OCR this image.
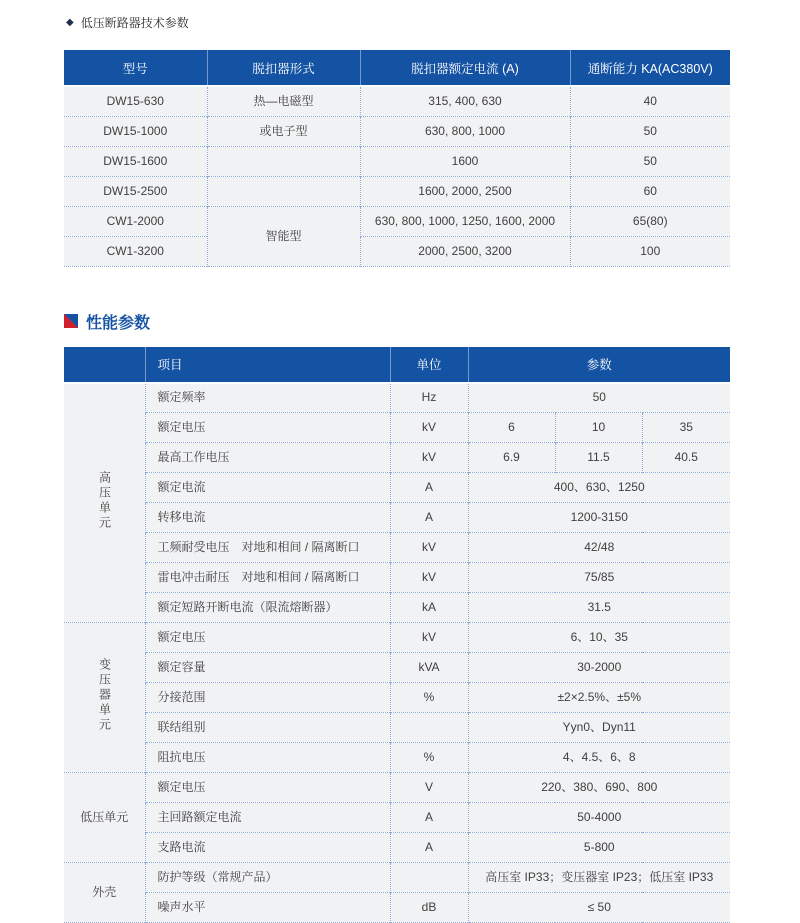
◆ 低压断路器技术参数
型号	脱扣器形式	脱扣器额定电流 (A)	通断能力 KA(AC380V)
DW15-630	热—电磁型	315, 400, 630	40
DW15-1000	或电子型	630, 800, 1000	50
DW15-1600		1600	50
DW15-2500		1600, 2000, 2500	60
CW1-2000	智能型	630, 800, 1000, 1250, 1600, 2000	65(80)
CW1-3200		2000, 2500, 3200	100
性能参数
	项目	单位	参数		
高压单元	额定频率	Hz	50		
	额定电压	kV	6	10	35
	最高工作电压	kV	6.9	11.5	40.5
	额定电流	A	400、630、1250		
	转移电流	A	1200-3150		
	工频耐受电压　对地和相间 / 隔离断口	kV	42/48		
	雷电冲击耐压　对地和相间 / 隔离断口	kV	75/85		
	额定短路开断电流（限流熔断器）	kA	31.5		
变压器单元	额定电压	kV	6、10、35		
	额定容量	kVA	30-2000		
	分接范围	%	±2×2.5%、±5%		
	联结组别		Yyn0、Dyn11		
	阻抗电压	%	4、4.5、6、8		
低压单元	额定电压	V	220、380、690、800		
	主回路额定电流	A	50-4000		
	支路电流	A	5-800		
外壳	防护等级（常规产品）		高压室 IP33；变压器室 IP23；低压室 IP33		
	噪声水平	dB	≤ 50		
